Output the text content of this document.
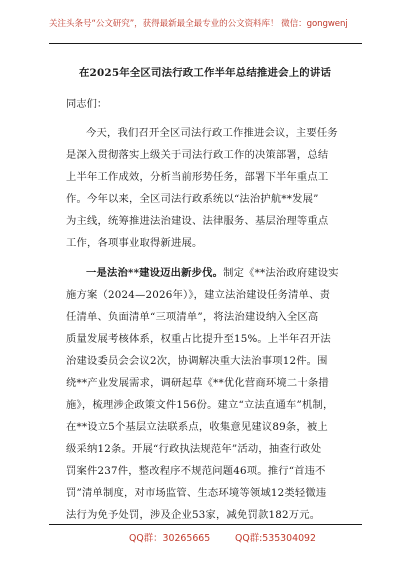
关注头条号“公文研究”，获得最新最全最专业的公文资料库！ 微信：gongwenj
在2025年全区司法行政工作半年总结推进会上的讲话
同志们：
今天，我们召开全区司法行政工作推进会议，主要任务
是深入贯彻落实上级关于司法行政工作的决策部署，总结
上半年工作成效，分析当前形势任务，部署下半年重点工
作。今年以来，全区司法行政系统以“法治护航**发展”
为主线，统筹推进法治建设、法律服务、基层治理等重点
工作，各项事业取得新进展。
一是法治**建设迈出新步伐。制定《**法治政府建设实
施方案（2024—2026年）》，建立法治建设任务清单、责
任清单、负面清单“三项清单”，将法治建设纳入全区高
质量发展考核体系，权重占比提升至15%。上半年召开法
治建设委员会会议2次，协调解决重大法治事项12件。围
绕**产业发展需求，调研起草《**优化营商环境二十条措
施》，梳理涉企政策文件156份。建立“立法直通车”机制，
在**设立5个基层立法联系点，收集意见建议89条，被上
级采纳12条。开展“行政执法规范年”活动，抽查行政处
罚案件237件，整改程序不规范问题46项。推行“首违不
罚”清单制度，对市场监管、生态环境等领域12类轻微违
法行为免予处罚，涉及企业53家，减免罚款182万元。
QQ群：30265665	QQ群:535304092
